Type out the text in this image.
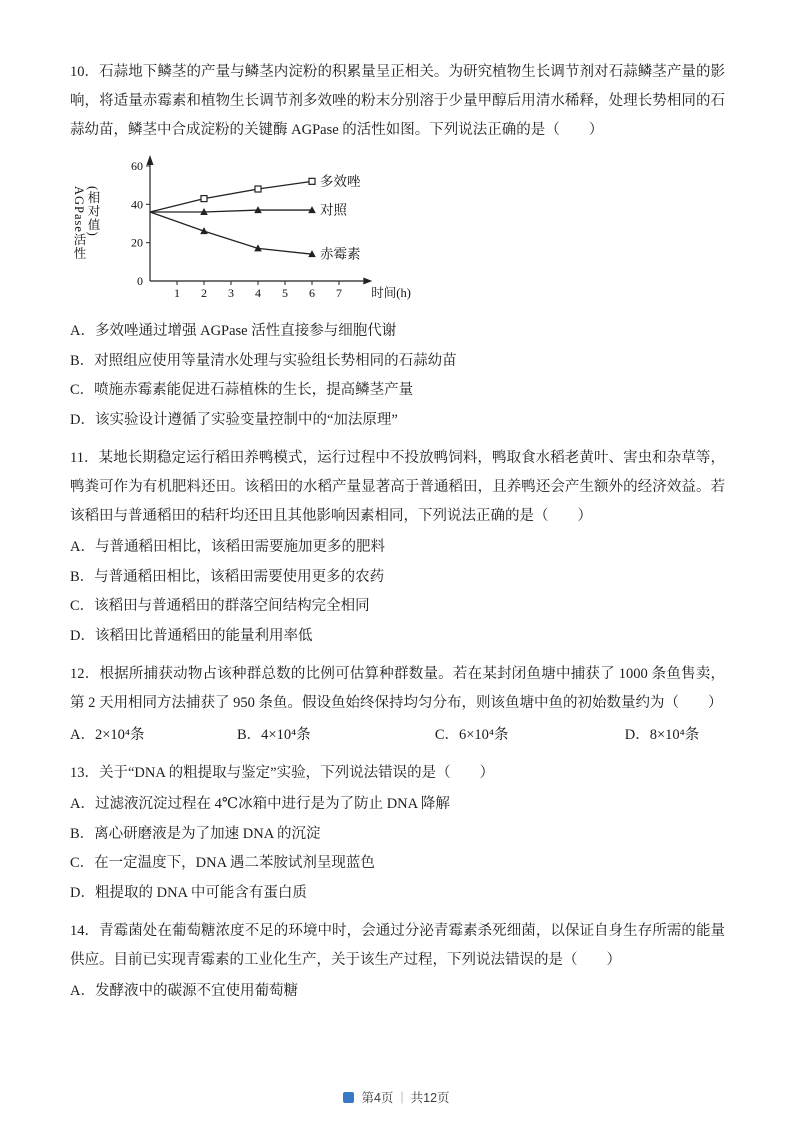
10．石蒜地下鳞茎的产量与鳞茎内淀粉的积累量呈正相关。为研究植物生长调节剂对石蒜鳞茎产量的影响，将适量赤霉素和植物生长调节剂多效唑的粉末分别溶于少量甲醇后用清水稀释，处理长势相同的石蒜幼苗，鳞茎中合成淀粉的关键酶 AGPase 的活性如图。下列说法正确的是（　　）

AGPase活性 (相对值)
1 2 3 4 5 6 7
0
20
40
60
时间(h)
多效唑
对照
赤霉素

A．多效唑通过增强 AGPase 活性直接参与细胞代谢

B．对照组应使用等量清水处理与实验组长势相同的石蒜幼苗

C．喷施赤霉素能促进石蒜植株的生长，提高鳞茎产量

D．该实验设计遵循了实验变量控制中的“加法原理”

11．某地长期稳定运行稻田养鸭模式，运行过程中不投放鸭饲料，鸭取食水稻老黄叶、害虫和杂草等，鸭粪可作为有机肥料还田。该稻田的水稻产量显著高于普通稻田，且养鸭还会产生额外的经济效益。若该稻田与普通稻田的秸秆均还田且其他影响因素相同，下列说法正确的是（　　）

A．与普通稻田相比，该稻田需要施加更多的肥料

B．与普通稻田相比，该稻田需要使用更多的农药

C．该稻田与普通稻田的群落空间结构完全相同

D．该稻田比普通稻田的能量利用率低

12．根据所捕获动物占该种群总数的比例可估算种群数量。若在某封闭鱼塘中捕获了 1000 条鱼售卖，第 2 天用相同方法捕获了 950 条鱼。假设鱼始终保持均匀分布，则该鱼塘中鱼的初始数量约为（　　）

A．2×10⁴条	B．4×10⁴条	C．6×10⁴条	D．8×10⁴条

13．关于“DNA 的粗提取与鉴定”实验，下列说法错误的是（　　）

A．过滤液沉淀过程在 4℃冰箱中进行是为了防止 DNA 降解

B．离心研磨液是为了加速 DNA 的沉淀

C．在一定温度下，DNA 遇二苯胺试剂呈现蓝色

D．粗提取的 DNA 中可能含有蛋白质

14．青霉菌处在葡萄糖浓度不足的环境中时，会通过分泌青霉素杀死细菌，以保证自身生存所需的能量供应。目前已实现青霉素的工业化生产，关于该生产过程，下列说法错误的是（　　）

A．发酵液中的碳源不宜使用葡萄糖

第4页 | 共12页
